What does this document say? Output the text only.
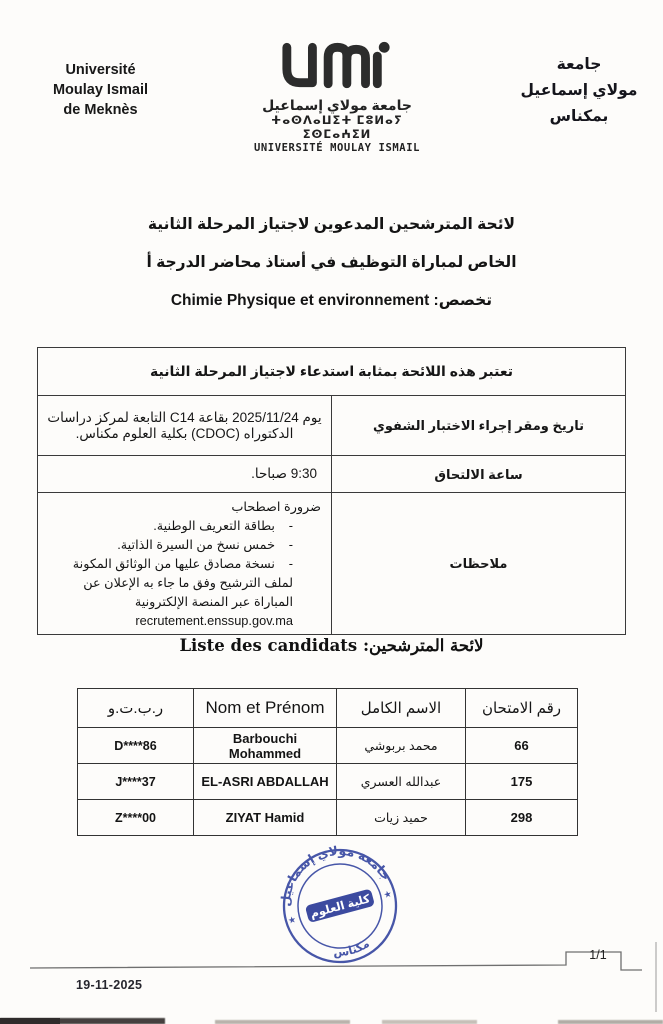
Université
Moulay Ismail
de Meknès	جامعة مولاي إسماعيل
ⵜⴰⵙⴷⴰⵡⵉⵜ ⵎⵓⵍⴰⵢ ⵉⵙⵎⴰⵄⵉⵍ
UNIVERSITÉ MOULAY ISMAIL
جامعة
مولاي إسماعيل
بمكناس
لائحة المترشحين المدعوين لاجتياز المرحلة الثانية
الخاص لمباراة التوظيف في أستاذ محاضر الدرجة أ
تخصص: Chimie Physique et environnement
تعتبر هذه اللائحة بمثابة استدعاء لاجتياز المرحلة الثانية	
تاريخ ومقر إجراء الاختبار الشفوي	يوم 2025/11/24 بقاعة C14 التابعة لمركز دراسات الدكتوراه (CDOC) بكلية العلوم مكناس.
ساعة الالتحاق	9:30 صباحا.
ملاحظات	ضرورة اصطحاب
-بطاقة التعريف الوطنية.
-خمس نسخ من السيرة الذاتية.
-نسخة مصادق عليها من الوثائق المكونة لملف الترشيح وفق ما جاء به الإعلان عن المباراة عبر المنصة الإلكترونية recrutement.enssup.gov.ma
لائحة المترشحين: Liste des candidats
ر.ب.ت.و	Nom et Prénom	الاسم الكامل	رقم الامتحان
D****86	Barbouchi Mohammed	محمد بربوشي	66
J****37	EL-ASRI ABDALLAH	عبدالله العسري	175
Z****00	ZIYAT Hamid	حميد زيات	298
جامعة مولاي إسماعيل
مكناس
★
★
كلية العلوم
1/1
19-11-2025
